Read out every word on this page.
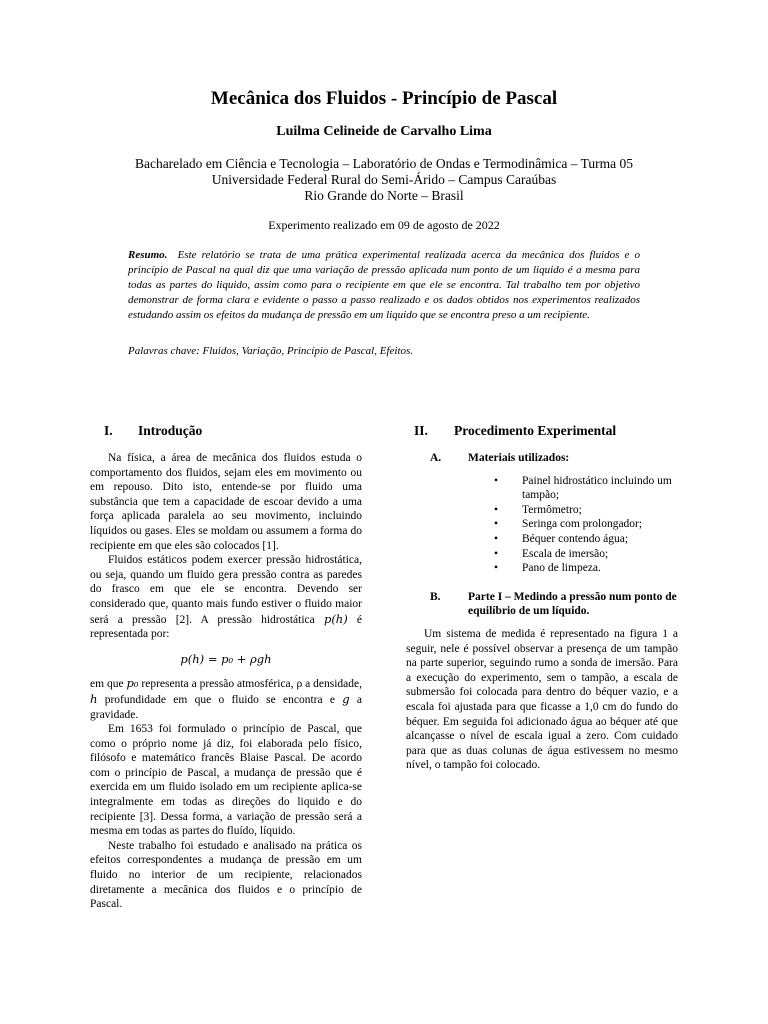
Mecânica dos Fluidos - Princípio de Pascal
Luilma Celineide de Carvalho Lima
Bacharelado em Ciência e Tecnologia – Laboratório de Ondas e Termodinâmica – Turma 05
Universidade Federal Rural do Semi-Árido – Campus Caraúbas
Rio Grande do Norte – Brasil
Experimento realizado em 09 de agosto de 2022
Resumo. Este relatório se trata de uma prática experimental realizada acerca da mecânica dos fluidos e o princípio de Pascal na qual diz que uma variação de pressão aplicada num ponto de um liquido é a mesma para todas as partes do liquido, assim como para o recipiente em que ele se encontra. Tal trabalho tem por objetivo demonstrar de forma clara e evidente o passo a passo realizado e os dados obtidos nos experimentos realizados estudando assim os efeitos da mudança de pressão em um liquido que se encontra preso a um recipiente.
Palavras chave: Fluidos, Variação, Princípio de Pascal, Efeitos.
I.	Introdução

Na física, a área de mecânica dos fluidos estuda o comportamento dos fluidos, sejam eles em movimento ou em repouso. Dito isto, entende-se por fluido uma substância que tem a capacidade de escoar devido a uma força aplicada paralela ao seu movimento, incluindo líquidos ou gases. Eles se moldam ou assumem a forma do recipiente em que eles são colocados [1].

Fluidos estáticos podem exercer pressão hidrostática, ou seja, quando um fluido gera pressão contra as paredes do frasco em que ele se encontra. Devendo ser considerado que, quanto mais fundo estiver o fluido maior será a pressão [2]. A pressão hidrostática p(h) é representada por:

p(h) = p₀ + ρgh

em que p₀ representa a pressão atmosférica, ρ a densidade, h profundidade em que o fluido se encontra e g a gravidade.

Em 1653 foi formulado o princípio de Pascal, que como o próprio nome já diz, foi elaborada pelo físico, filósofo e matemático francês Blaise Pascal. De acordo com o princípio de Pascal, a mudança de pressão que é exercida em um fluido isolado em um recipiente aplica-se integralmente em todas as direções do liquido e do recipiente [3]. Dessa forma, a variação de pressão será a mesma em todas as partes do fluído, líquido.

Neste trabalho foi estudado e analisado na prática os efeitos correspondentes a mudança de pressão em um fluido no interior de um recipiente, relacionados diretamente a mecânica dos fluidos e o princípio de Pascal.

II.	Procedimento Experimental
A.	Materiais utilizados:
• Painel hidrostático incluindo um tampão;
• Termômetro;
• Seringa com prolongador;
• Béquer contendo água;
• Escala de imersão;
• Pano de limpeza.
B.	Parte I – Medindo a pressão num ponto de equilíbrio de um líquido.

Um sistema de medida é representado na figura 1 a seguir, nele é possível observar a presença de um tampão na parte superior, seguindo rumo a sonda de imersão. Para a execução do experimento, sem o tampão, a escala de submersão foi colocada para dentro do béquer vazio, e a escala foi ajustada para que ficasse a 1,0 cm do fundo do béquer. Em seguida foi adicionado água ao béquer até que alcançasse o nível de escala igual a zero. Com cuidado para que as duas colunas de água estivessem no mesmo nível, o tampão foi colocado.
